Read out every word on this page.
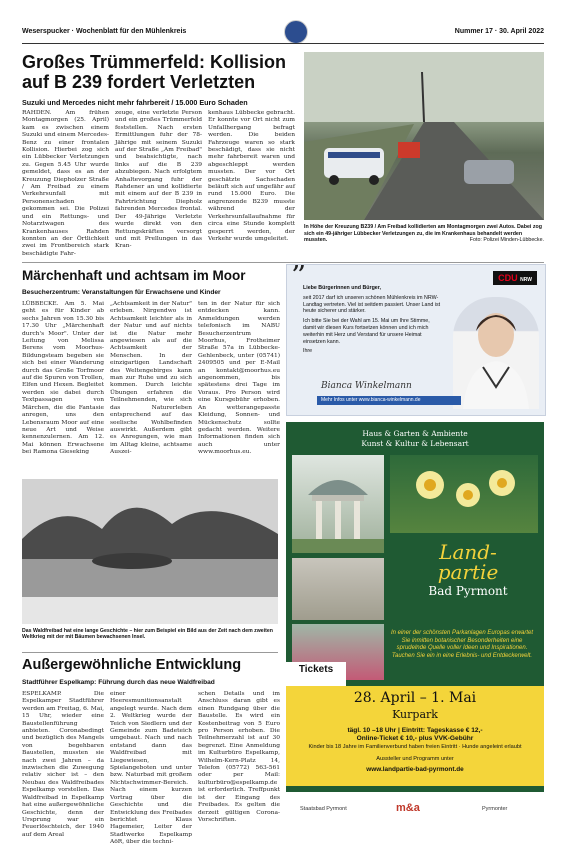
Weserspucker · Wochenblatt für den Mühlenkreis	Nummer 17 · 30. April 2022
Großes Trümmerfeld: Kollision
auf B 239 fordert Verletzten
Suzuki und Mercedes nicht mehr fahrbereit / 15.000 Euro Schaden
RAHDEN. Am frühen Montagmorgen (25. April) kam es zwischen einem Suzuki und einem Mercedes-Benz zu einer frontalen Kollision. Hierbei zog sich ein Lübbecker Verletzungen zu. Gegen 5.45 Uhr wurde gemeldet, dass es an der Kreuzung Diepholzer Straße / Am Freibad zu einem Verkehrsunfall mit Personenschaden gekommen sei. Die Polizei und ein Rettungs- und Notarztwagen des Krankenhauses Rahden konnten an der Örtlichkeit zwei im Frontbereich stark beschädigte Fahr-
zeuge, eine verletzte Person und ein großes Trümmerfeld feststellen. Nach ersten Ermittlungen fuhr der 78-Jährige mit seinem Suzuki auf der Straße „Am Freibad" und beabsichtigte, nach links auf die B 239 abzubiegen. Nach erfolgtem Anhaltevorgang fuhr der Rahdener an und kollidierte mit einem auf der B 239 in Fahrtrichtung Diepholz fahrenden Mercedes frontal. Der 49-Jährige Verletzte wurde direkt von den Rettungskräften versorgt und mit Prellungen in das Kran-
kenhaus Lübbecke gebracht. Er konnte vor Ort nicht zum Unfallhergang befragt werden. Die beiden Fahrzeuge waren so stark beschädigt, dass sie nicht mehr fahrbereit waren und abgeschleppt werden mussten. Der vor Ort geschätzte Sachschaden beläuft sich auf ungefähr auf rund 15.000 Euro. Die angrenzende B239 musste während der Verkehrsunfallaufnahme für circa eine Stunde komplett gesperrt werden, der Verkehr wurde umgeleitet.
In Höhe der Kreuzung B239 / Am Freibad kollidierten am Montagmorgen zwei Autos. Dabei zog sich ein 49-jähriger Lübbecker Verletzungen zu, die im Krankenhaus behandelt werden mussten.	Foto: Polizei Minden-Lübbecke.
Märchenhaft und achtsam im Moor
Besucherzentrum: Veranstaltungen für Erwachsene und Kinder
LÜBBECKE. Am 5. Mai geht es für Kinder ab sechs Jahren von 15.30 bis 17.30 Uhr „Märchenhaft durch's Moor". Unter der Leitung von Melissa Berens vom Moorhus-Bildungsteam begeben sie sich bei einer Wanderung durch das Große Torfmoor auf die Spuren von Trollen, Elfen und Hexen. Begleitet werden sie dabei durch Textpassagen von Märchen, die die Fantasie anregen, uns den Lebensraum Moor auf eine neue Art und Weise kennenzulernen. Am 12. Mai können Erwachsene bei Ramona Gieseking
„Achtsamkeit in der Natur" erleben. Nirgendwo ist Achtsamkeit leichter als in der Natur und auf nichts ist die Natur mehr angewiesen als auf die Achtsamkeit der Menschen. In der einzigartigen Landschaft des Weltengebirges kann man zur Ruhe und zu sich kommen. Durch leichte Übungen erfahren die Teilnehmenden, wie sich das Naturerleben entsprechend auf das seelische Wohlbefinden auswirkt. Außerdem gibt es Anregungen, wie man im Alltag kleine, achtsame Auszei-
ten in der Natur für sich entdecken kann. Anmeldungen werden telefonisch im NABU Besucherzentrum Moorhus, Frotheimer Straße 57a in Lübbecke-Gehlenbeck, unter (05741) 2409505 und per E-Mail an kontakt@moorhus.eu angenommen, bis spätestens drei Tage im Voraus. Pro Person wird eine Kursgebühr erhoben. An wetterangepasste Kleidung, Sonnen- und Mückenschutz sollte gedacht werden. Weitere Informationen finden sich auch unter www.moorhus.eu.
”	CDU NRW
Liebe Bürgerinnen und Bürger,
seit 2017 darf ich unseren schönen Mühlenkreis im NRW-Landtag vertreten. Viel ist seitdem passiert. Unser Land ist heute sicherer und stärker.
Ich bitte Sie bei der Wahl am 15. Mai um Ihre Stimme, damit wir diesen Kurs fortsetzen können und ich mich weiterhin mit Herz und Verstand für unsere Heimat einsetzen kann.
Ihre
Bianca Winkelmann
Mehr Infos unter www.bianca-winkelmann.de
Das Waldfreibad hat eine lange Geschichte – hier zum Beispiel ein Bild aus der Zeit nach dem zweiten Weltkrieg mit der mit Bäumen bewachsenen Insel.
Außergewöhnliche Entwicklung
Stadtführer Espelkamp: Führung durch das neue Waldfreibad
ESPELKAMP. Die Espelkamper Stadtführer werden am Freitag, 6. Mai, 15 Uhr, wieder eine Baustellenführung anbieten. Coronabedingt und bezüglich des Mangels von begehbaren Baustellen, mussten sie nach zwei Jahren – da inzwischen die Zuwegung relativ sicher ist – den Neubau des Waldfreibades Espelkamp vorstellen. Das Waldfreibad in Espelkamp hat eine außergewöhnliche Geschichte, denn der Ursprung war ein Feuerlöschteich, der 1940 auf dem Areal
einer Heeresmunitionsanstalt angelegt wurde. Nach dem 2. Weltkrieg wurde der Teich von Siedlern und der Gemeinde zum Badeteich umgebaut. Nach und nach entstand dann das Waldfreibad mit Liegewiesen, Spielangeboten und unter bzw. Naturbad mit großem Nichtschwimmer-Bereich. Nach einem kurzen Vortrag über die Geschichte und die Entwicklung des Freibades berichtet Klaus Hagemeier, Leiter der Stadtwerke Espelkamp AöR, über die techni-
schen Details und im Anschluss daran gibt es einen Rundgang über die Baustelle. Es wird ein Kostenbeitrag von 5 Euro pro Person erhoben. Die Teilnehmerzahl ist auf 30 begrenzt. Eine Anmeldung im Kulturbüro Espelkamp, Wilhelm-Kern-Platz 14, Telefon (05772) 563-561 oder per Mail: kulturbüro@espelkamp.de ist erforderlich. Treffpunkt ist der Eingang des Freibades. Es gelten die derzeit gültigen Corona-Vorschriften.
Haus & Garten & Ambiente
Kunst & Kultur & Lebensart
Land-
partie
Bad Pyrmont
In einer der schönsten Parkanlagen Europas erwartet Sie inmitten botanischer Besonderheiten eine sprudelnde Quelle voller Ideen und Inspirationen. Tauchen Sie ein in eine Erlebnis- und Entdeckerwelt.
28. April – 1. Mai
Kurpark
tägl. 10 –18 Uhr | Eintritt: Tageskasse € 12,-
Online-Ticket € 10,- plus VVK-Gebühr
Kinder bis 18 Jahre im Familienverbund haben freien Eintritt · Hunde angeleint erlaubt
Aussteller und Programm unter
www.landpartie-bad-pyrmont.de
Tickets
Staatsbad Pyrmont	m&a	Pyrmonter
